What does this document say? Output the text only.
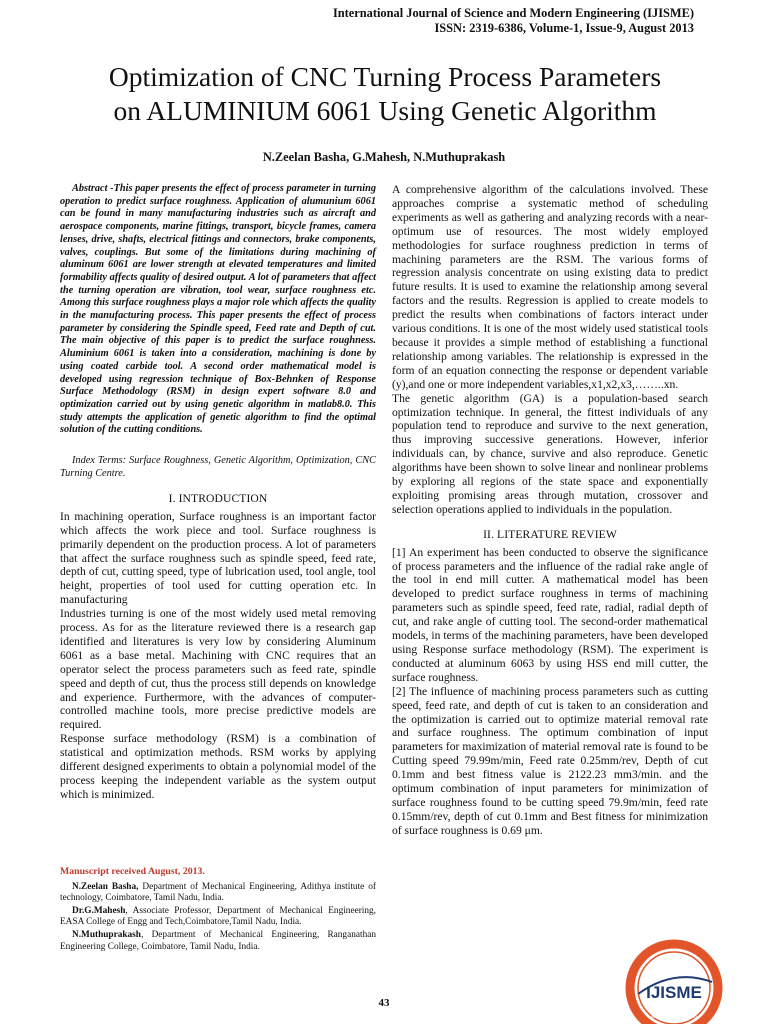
International Journal of Science and Modern Engineering (IJISME)
ISSN: 2319-6386, Volume-1, Issue-9, August 2013
Optimization of CNC Turning Process Parameters
on ALUMINIUM 6061 Using Genetic Algorithm
N.Zeelan Basha, G.Mahesh, N.Muthuprakash

Abstract -This paper presents the effect of process parameter in turning operation to predict surface roughness. Application of alumunium 6061 can be found in many manufacturing industries such as aircraft and aerospace components, marine fittings, transport, bicycle frames, camera lenses, drive, shafts, electrical fittings and connectors, brake components, valves, couplings. But some of the limitations during machining of aluminum 6061 are lower strength at elevated temperatures and limited formability affects quality of desired output. A lot of parameters that affect the turning operation are vibration, tool wear, surface roughness etc. Among this surface roughness plays a major role which affects the quality in the manufacturing process. This paper presents the effect of process parameter by considering the Spindle speed, Feed rate and Depth of cut. The main objective of this paper is to predict the surface roughness. Aluminium 6061 is taken into a consideration, machining is done by using coated carbide tool. A second order mathematical model is developed using regression technique of Box-Behnken of Response Surface Methodology (RSM) in design expert software 8.0 and optimization carried out by using genetic algorithm in matlab8.0. This study attempts the application of genetic algorithm to find the optimal solution of the cutting conditions.

Index Terms: Surface Roughness, Genetic Algorithm, Optimization, CNC Turning Centre.

I. INTRODUCTION

In machining operation, Surface roughness is an important factor which affects the work piece and tool. Surface roughness is primarily dependent on the production process. A lot of parameters that affect the surface roughness such as spindle speed, feed rate, depth of cut, cutting speed, type of lubrication used, tool angle, tool height, properties of tool used for cutting operation etc. In manufacturing

Industries turning is one of the most widely used metal removing process. As for as the literature reviewed there is a research gap identified and literatures is very low by considering Aluminum 6061 as a base metal. Machining with CNC requires that an operator select the process parameters such as feed rate, spindle speed and depth of cut, thus the process still depends on knowledge and experience. Furthermore, with the advances of computer-controlled machine tools, more precise predictive models are required.

Response surface methodology (RSM) is a combination of statistical and optimization methods. RSM works by applying different designed experiments to obtain a polynomial model of the process keeping the independent variable as the system output which is minimized.

Manuscript received August, 2013.

N.Zeelan Basha, Department of Mechanical Engineering, Adithya institute of technology, Coimbatore, Tamil Nadu, India.

Dr.G.Mahesh, Associate Professor, Department of Mechanical Engineering, EASA College of Engg and Tech,Coimbatore,Tamil Nadu, India.

N.Muthuprakash, Department of Mechanical Engineering, Ranganathan Engineering College, Coimbatore, Tamil Nadu, India.

A comprehensive algorithm of the calculations involved. These approaches comprise a systematic method of scheduling experiments as well as gathering and analyzing records with a near-optimum use of resources. The most widely employed methodologies for surface roughness prediction in terms of machining parameters are the RSM. The various forms of regression analysis concentrate on using existing data to predict future results. It is used to examine the relationship among several factors and the results. Regression is applied to create models to predict the results when combinations of factors interact under various conditions. It is one of the most widely used statistical tools because it provides a simple method of establishing a functional relationship among variables. The relationship is expressed in the form of an equation connecting the response or dependent variable (y),and one or more independent variables,x1,x2,x3,……..xn.

The genetic algorithm (GA) is a population-based search optimization technique. In general, the fittest individuals of any population tend to reproduce and survive to the next generation, thus improving successive generations. However, inferior individuals can, by chance, survive and also reproduce. Genetic algorithms have been shown to solve linear and nonlinear problems by exploring all regions of the state space and exponentially exploiting promising areas through mutation, crossover and selection operations applied to individuals in the population.

II. LITERATURE REVIEW

[1] An experiment has been conducted to observe the significance of process parameters and the influence of the radial rake angle of the tool in end mill cutter. A mathematical model has been developed to predict surface roughness in terms of machining parameters such as spindle speed, feed rate, radial, radial depth of cut, and rake angle of cutting tool. The second-order mathematical models, in terms of the machining parameters, have been developed using Response surface methodology (RSM). The experiment is conducted at aluminum 6063 by using HSS end mill cutter, the surface roughness.

[2] The influence of machining process parameters such as cutting speed, feed rate, and depth of cut is taken to an consideration and the optimization is carried out to optimize material removal rate and surface roughness. The optimum combination of input parameters for maximization of material removal rate is found to be Cutting speed 79.99m/min, Feed rate 0.25mm/rev, Depth of cut 0.1mm and best fitness value is 2122.23 mm3/min. and the optimum combination of input parameters for minimization of surface roughness found to be cutting speed 79.9m/min, feed rate 0.15mm/rev, depth of cut 0.1mm and Best fitness for minimization of surface roughness is 0.69 μm.

43
IJISME
Exploring Innovation
